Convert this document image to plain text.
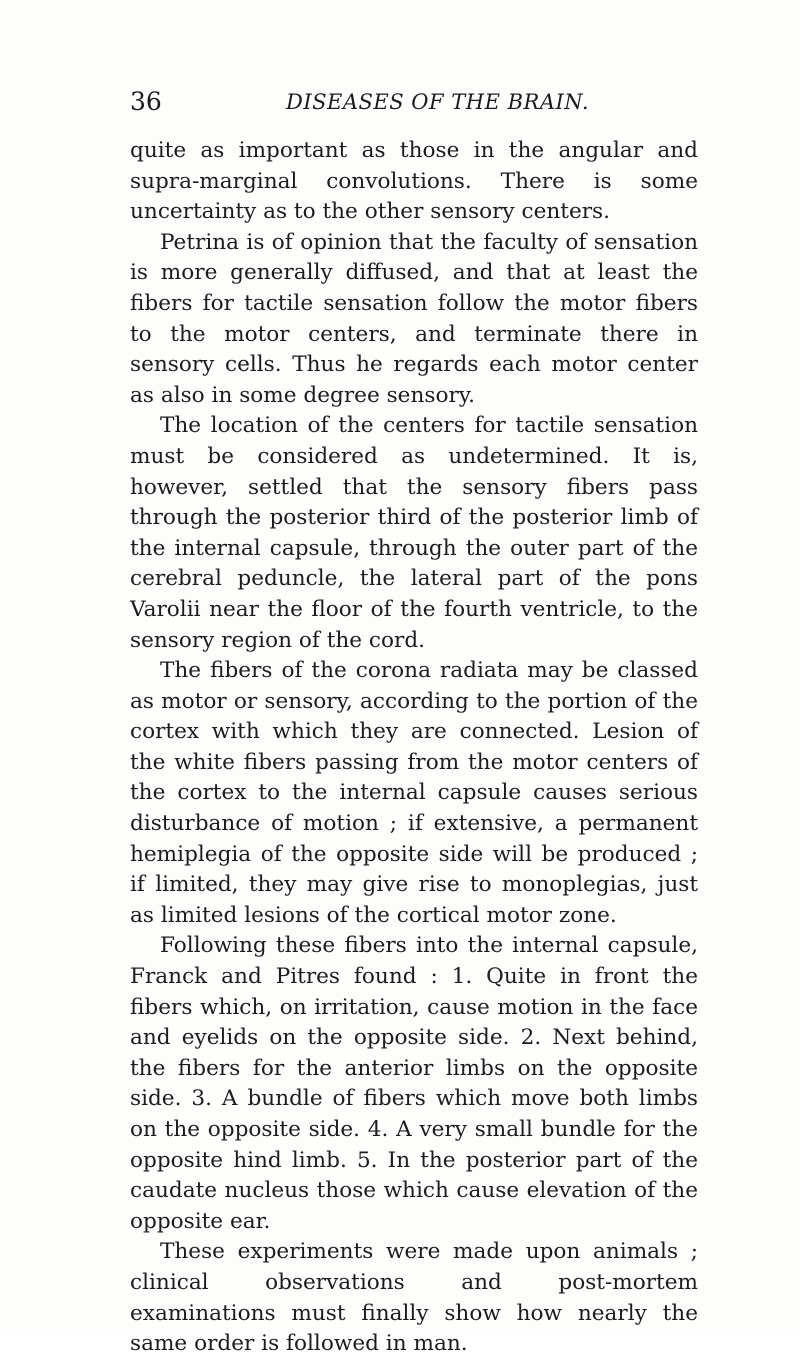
36	DISEASES OF THE BRAIN.

quite as important as those in the angular and supra-marginal convolutions. There is some uncertainty as to the other sensory centers.

Petrina is of opinion that the faculty of sensation is more generally diffused, and that at least the fibers for tactile sensation follow the motor fibers to the motor centers, and terminate there in sensory cells. Thus he regards each motor center as also in some degree sensory.

The location of the centers for tactile sensation must be considered as undetermined. It is, however, settled that the sensory fibers pass through the posterior third of the posterior limb of the internal capsule, through the outer part of the cerebral peduncle, the lateral part of the pons Varolii near the floor of the fourth ventricle, to the sensory region of the cord.

The fibers of the corona radiata may be classed as motor or sensory, according to the portion of the cortex with which they are connected. Lesion of the white fibers passing from the motor centers of the cortex to the internal capsule causes serious disturbance of motion ; if extensive, a permanent hemiplegia of the opposite side will be produced ; if limited, they may give rise to monoplegias, just as limited lesions of the cortical motor zone.

Following these fibers into the internal capsule, Franck and Pitres found : 1. Quite in front the fibers which, on irritation, cause motion in the face and eyelids on the opposite side. 2. Next behind, the fibers for the anterior limbs on the opposite side. 3. A bundle of fibers which move both limbs on the opposite side. 4. A very small bundle for the opposite hind limb. 5. In the posterior part of the caudate nucleus those which cause elevation of the opposite ear.

These experiments were made upon animals ; clinical observations and post-mortem examinations must finally show how nearly the same order is followed in man.
